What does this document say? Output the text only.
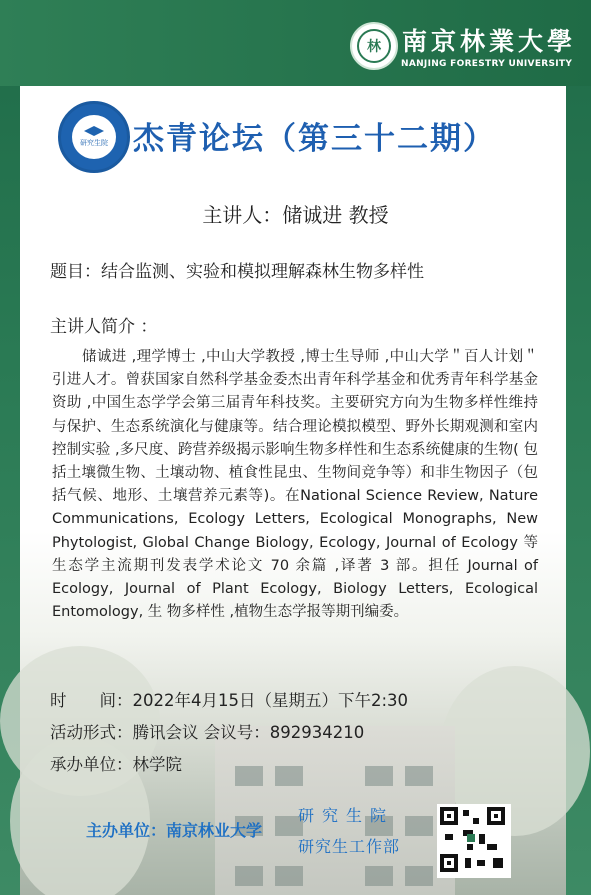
林 南京林業大學
NANJING FORESTRY UNIVERSITY
研究生院 杰青论坛（第三十二期）
主讲人：储诚进 教授
题目：结合监测、实验和模拟理解森林生物多样性
主讲人简介 ：
储诚进 ,理学博士 ,中山大学教授 ,博士生导师 ,中山大学＂百人计划＂ 引进人才。曾获国家自然科学基金委杰出青年科学基金和优秀青年科学基金资助 ,中国生态学学会第三届青年科技奖。主要研究方向为生物多样性维持与保护、生态系统演化与健康等。结合理论模拟模型、野外长期观测和室内控制实验 ,多尺度、跨营养级揭示影响生物多样性和生态系统健康的生物( 包括土壤微生物、土壤动物、植食性昆虫、生物间竞争等）和非生物因子（包括气候、地形、土壤营养元素等)。在National Science Review, Nature Communications, Ecology Letters, Ecological Monographs, New Phytologist, Global Change Biology, Ecology, Journal of Ecology 等生态学主流期刊发表学术论文 70 余篇 ,译著 3 部。担任 Journal of Ecology, Journal of Plant Ecology, Biology Letters, Ecological Entomology, 生 物多样性 ,植物生态学报等期刊编委。
时　　间：2022年4月15日（星期五）下午2:30
活动形式：腾讯会议 会议号：892934210
承办单位：林学院
主办单位：南京林业大学
研究生院
研究生工作部
